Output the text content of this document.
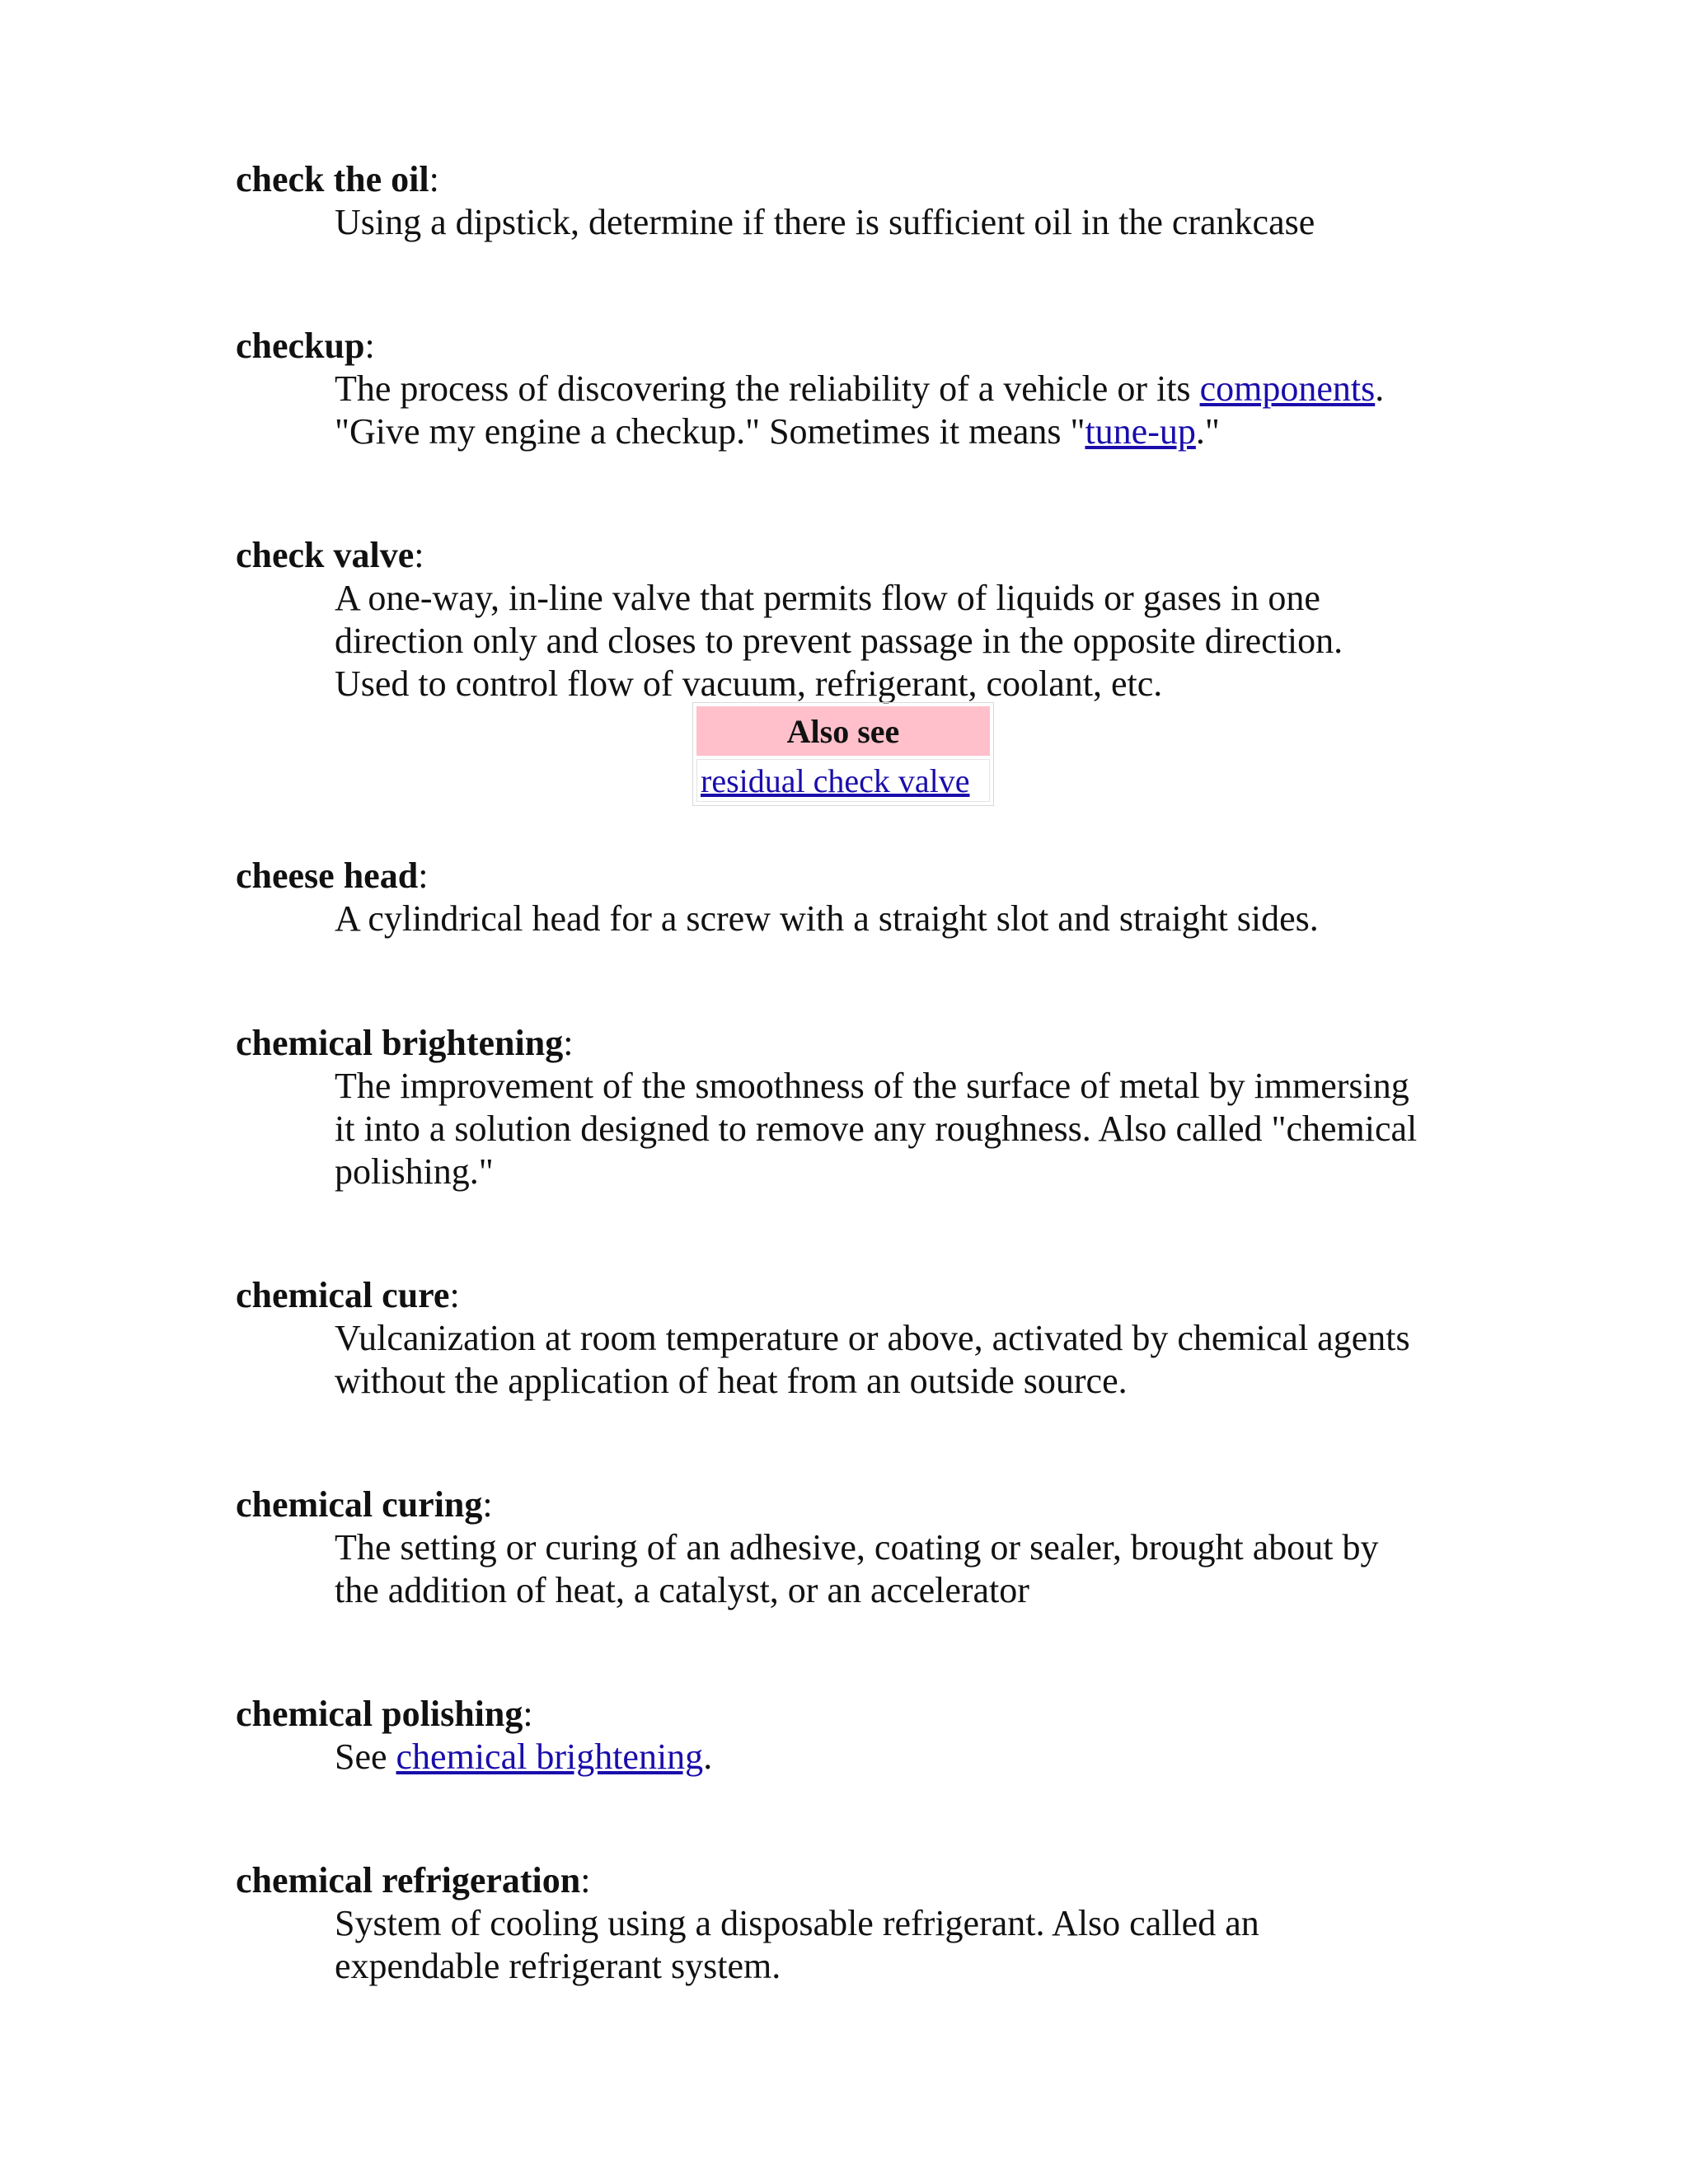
check the oil:
Using a dipstick, determine if there is sufficient oil in the crankcase
checkup:
The process of discovering the reliability of a vehicle or its components.
"Give my engine a checkup." Sometimes it means "tune-up."
check valve:
A one-way, in-line valve that permits flow of liquids or gases in one
direction only and closes to prevent passage in the opposite direction.
Used to control flow of vacuum, refrigerant, coolant, etc.
cheese head:
A cylindrical head for a screw with a straight slot and straight sides.
chemical brightening:
The improvement of the smoothness of the surface of metal by immersing
it into a solution designed to remove any roughness. Also called "chemical
polishing."
chemical cure:
Vulcanization at room temperature or above, activated by chemical agents
without the application of heat from an outside source.
chemical curing:
The setting or curing of an adhesive, coating or sealer, brought about by
the addition of heat, a catalyst, or an accelerator
chemical polishing:
See chemical brightening.
chemical refrigeration:
System of cooling using a disposable refrigerant. Also called an
expendable refrigerant system.
Also see
residual check valve
